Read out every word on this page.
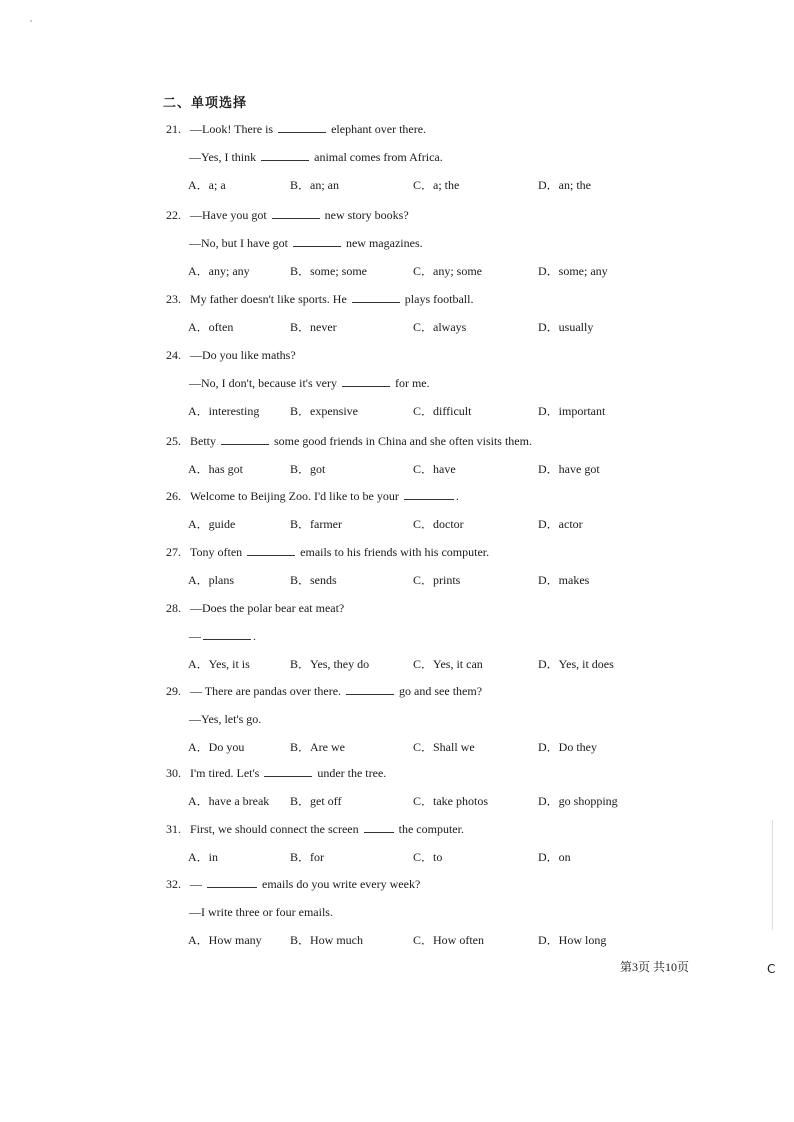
二、单项选择
21. —Look! There is	elephant over there.
—Yes, I think	animal comes from Africa.
A．a; a	B．an; an	C．a; the	D．an; the
22. —Have you got	new story books?
—No, but I have got	new magazines.
A．any; any	B．some; some	C．any; some	D．some; any
23. My father doesn't like sports. He	plays football.
A．often	B．never	C．always	D．usually
24. —Do you like maths?
—No, I don't, because it's very	for me.
A．interesting	B．expensive	C．difficult	D．important
25. Betty	some good friends in China and she often visits them.
A．has got	B．got	C．have	D．have got
26. Welcome to Beijing Zoo. I'd like to be your	.
A．guide	B．farmer	C．doctor	D．actor
27. Tony often	emails to his friends with his computer.
A．plans	B．sends	C．prints	D．makes
28. —Does the polar bear eat meat?
—	.
A．Yes, it is	B．Yes, they do	C．Yes, it can	D．Yes, it does
29. — There are pandas over there.	go and see them?
—Yes, let's go.
A．Do you	B．Are we	C．Shall we	D．Do they
30. I'm tired. Let's	under the tree.
A．have a break B．get off	C．take photos	D．go shopping
31. First, we should connect the screen	the computer.
A．in	B．for	C．to	D．on
32. —	emails do you write every week?
—I write three or four emails.
A．How many B．How much	C．How often	D．How long
第3页 共10页	C
